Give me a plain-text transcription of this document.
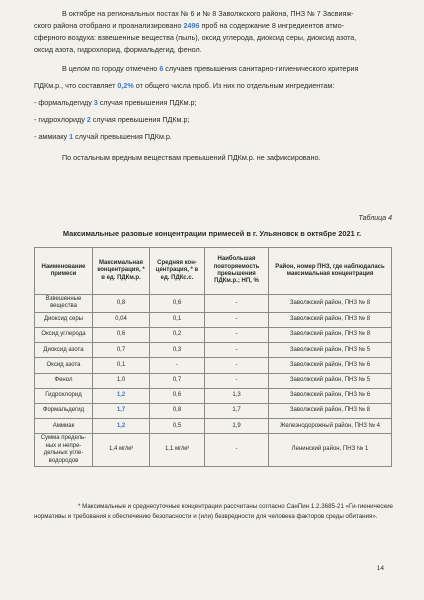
В октябре на региональных постах № 6 и № 8 Заволжского района, ПНЗ № 7 Засвияж-

ского района отобрано и проанализировано 2496 проб на содержание 8 ингредиентов атмо-

сферного воздуха: взвешенные вещества (пыль), оксид углерода, диоксид серы, диоксид азота,

оксид азота, гидрохлорид, формальдегид, фенол.

В целом по городу отмечено 6 случаев превышения санитарно-гигиенического критерия

ПДКм.р., что составляет 0,2% от общего числа проб. Из них по отдельным ингредиентам:

- формальдегиду 3 случая превышения ПДКм.р;

- гидрохлориду 2 случая превышения ПДКм.р;

- аммиаку 1 случай превышения ПДКм.р.

По остальным вредным веществам превышений ПДКм.р. не зафиксировано.

Таблица 4
Максимальные разовые концентрации примесей в г. Ульяновск в октябре 2021 г.
Наименование примеси	Максимальная концентрация, * в ед. ПДКм.р.	Средняя кон-центрация, * в ед. ПДКс.с.	Наибольшая повторяемость превышения ПДКм.р.; НП, %	Район, номер ПНЗ, где наблюдалась максимальная концентрация
Взвешенные вещества	0,8	0,6	-	Заволжский район, ПНЗ № 8
Диоксид серы	0,04	0,1	-	Заволжский район, ПНЗ № 8
Оксид углерода	0,6	0,2	-	Заволжский район, ПНЗ № 8
Диоксид азота	0,7	0,3	-	Заволжский район, ПНЗ № 5
Оксид азота	0,1	-	-	Заволжский район, ПНЗ № 6
Фенол	1,0	0,7	-	Заволжский район, ПНЗ № 5
Гидрохлорид	1,2	0,6	1,3	Заволжский район, ПНЗ № 6
Формальдегид	1,7	0,8	1,7	Заволжский район, ПНЗ № 8
Аммиак	1,2	0,5	1,9	Железнодорожный район, ПНЗ № 4
Сумма предель-ных и непре-дельных угле-водородов	1,4 мг/м³	1,1 мг/м³	-	Ленинский район, ПНЗ № 1

* Максимальные и среднесуточные концентрации рассчитаны согласно СанПин 1.2.3685-21 «Ги-гиенические нормативы и требования к обеспечению безопасности и (или) безвредности для человека факторов среды обитания».

14
